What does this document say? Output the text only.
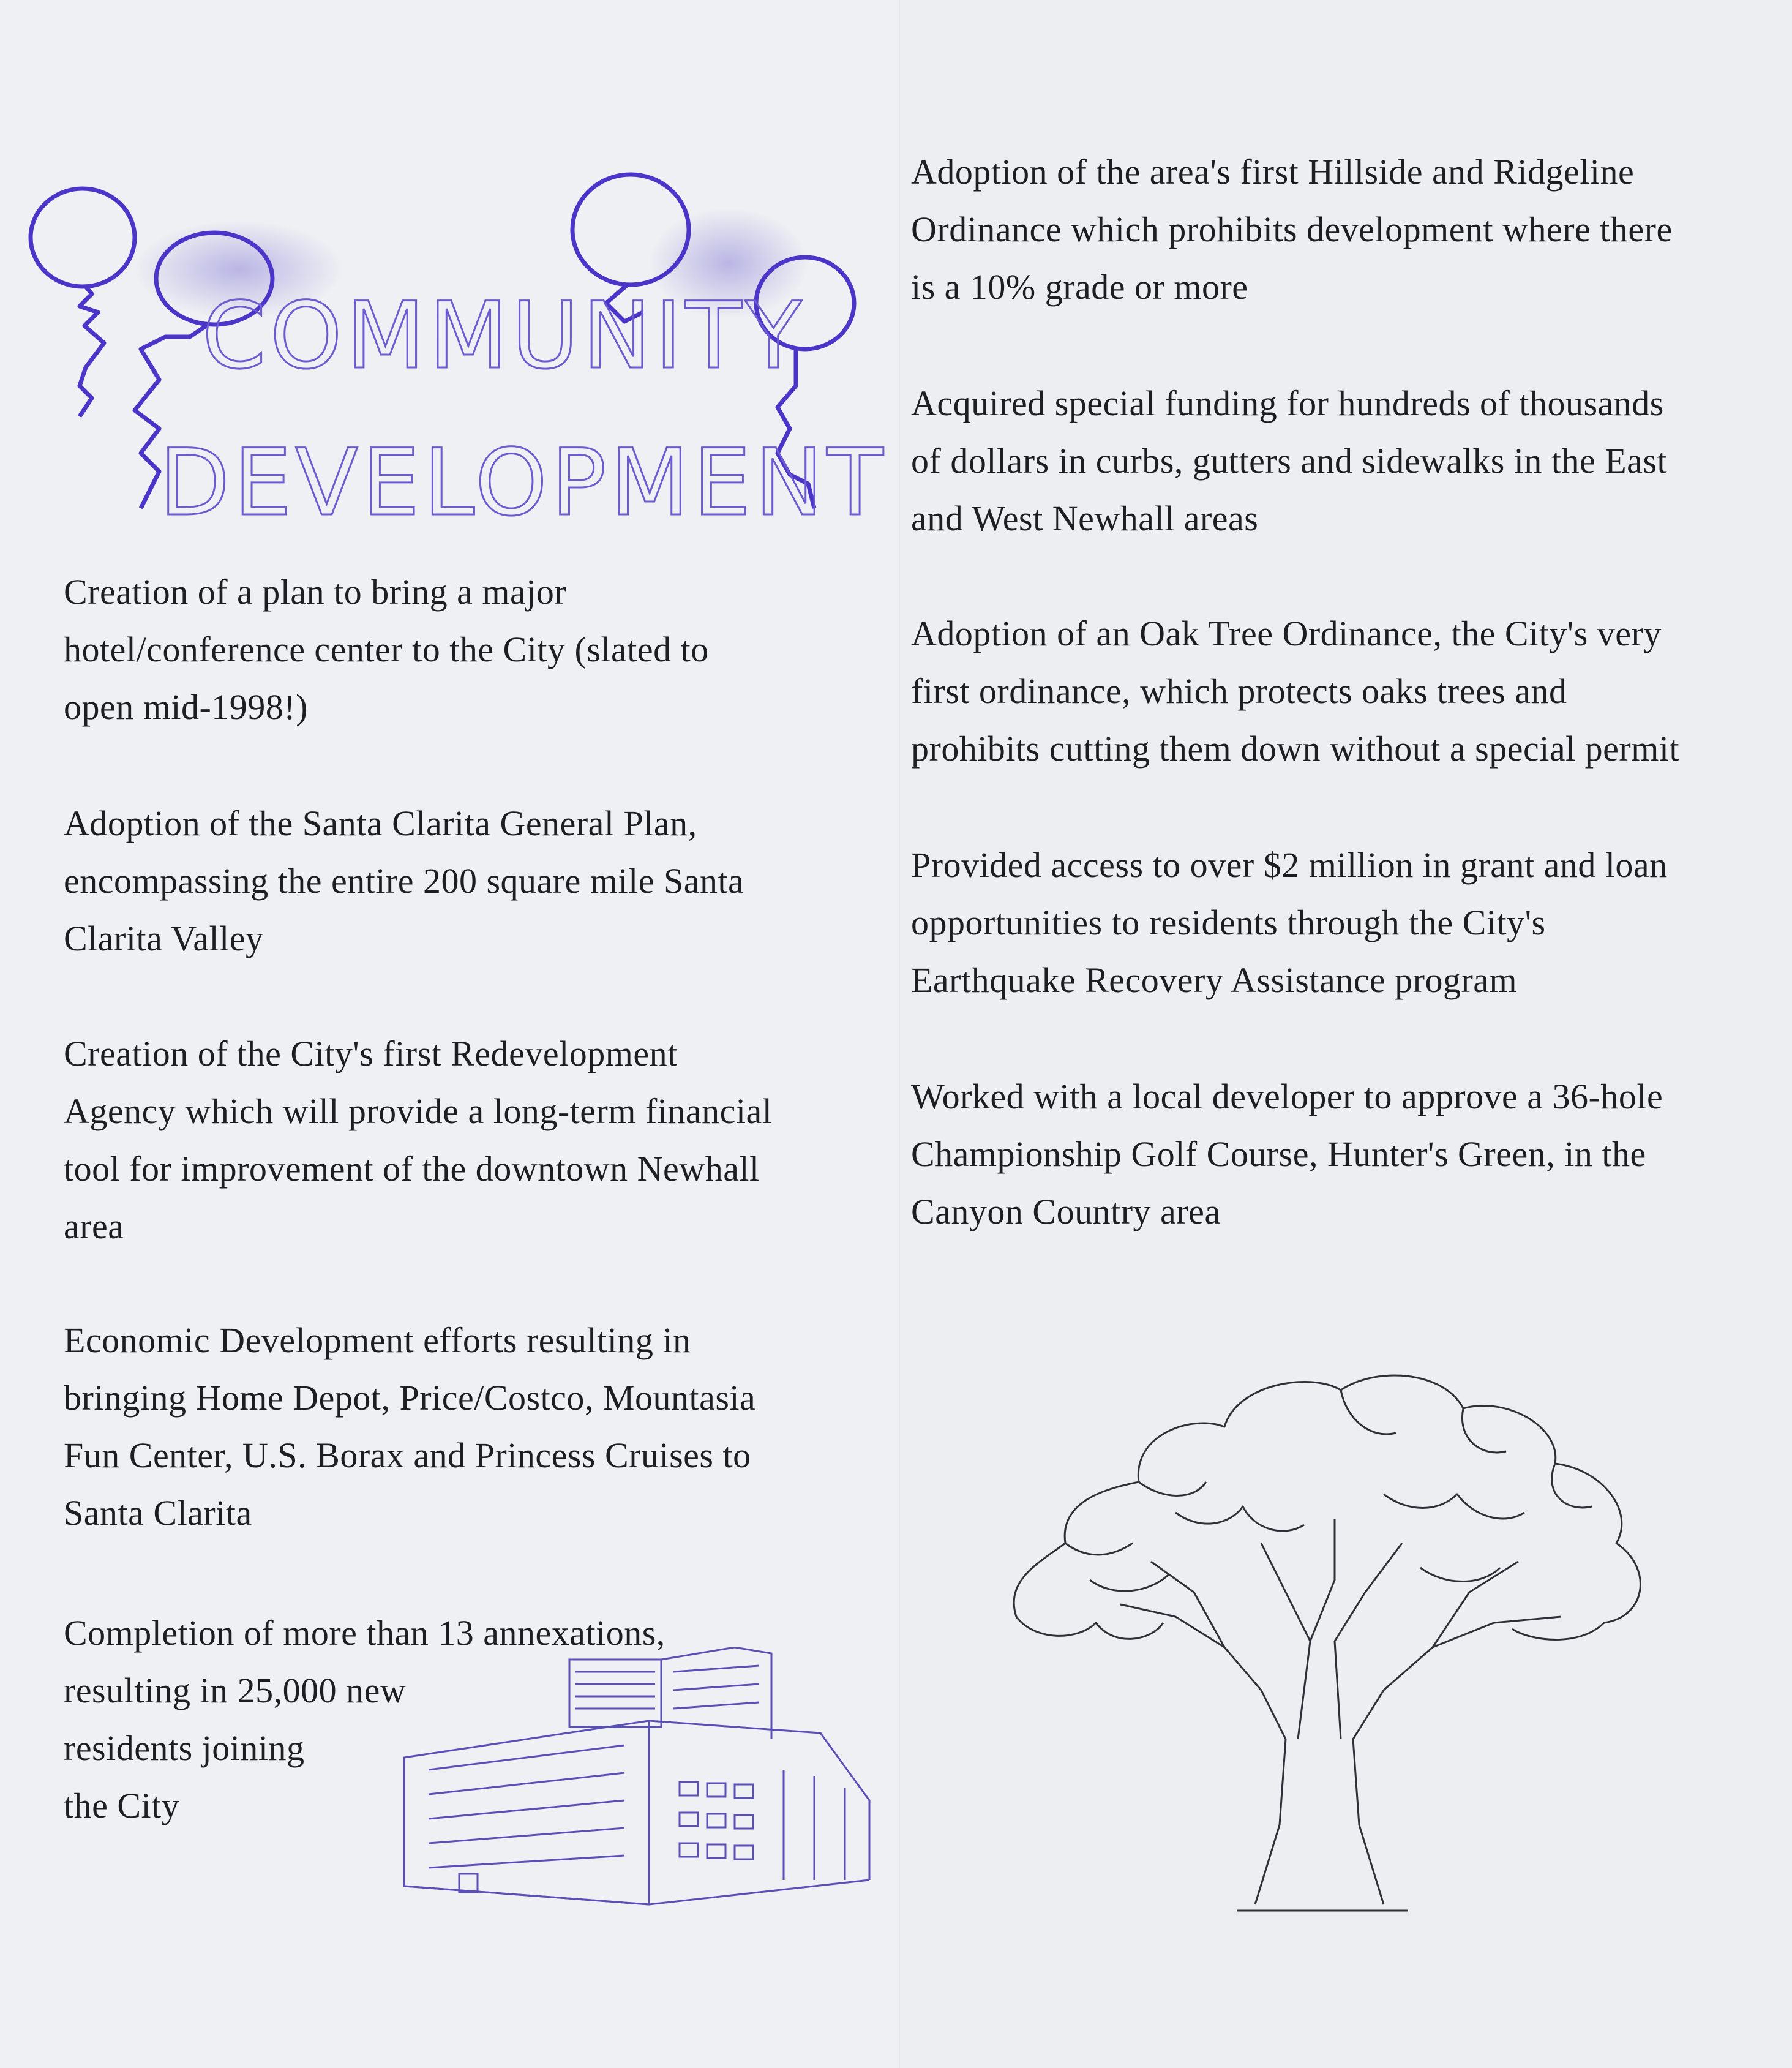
COMMUNITY
DEVELOPMENT

Creation of a plan to bring a major
hotel/conference center to the City (slated to
open mid-1998!)

Adoption of the Santa Clarita General Plan,
encompassing the entire 200 square mile Santa
Clarita Valley

Creation of the City's first Redevelopment
Agency which will provide a long-term financial
tool for improvement of the downtown Newhall
area

Economic Development efforts resulting in
bringing Home Depot, Price/Costco, Mountasia
Fun Center, U.S. Borax and Princess Cruises to
Santa Clarita

Completion of more than 13 annexations,
resulting in 25,000 new
residents joining
the City

Adoption of the area's first Hillside and Ridgeline
Ordinance which prohibits development where there
is a 10% grade or more

Acquired special funding for hundreds of thousands
of dollars in curbs, gutters and sidewalks in the East
and West Newhall areas

Adoption of an Oak Tree Ordinance, the City's very
first ordinance, which protects oaks trees and
prohibits cutting them down without a special permit

Provided access to over $2 million in grant and loan
opportunities to residents through the City's
Earthquake Recovery Assistance program

Worked with a local developer to approve a 36-hole
Championship Golf Course, Hunter's Green, in the
Canyon Country area
